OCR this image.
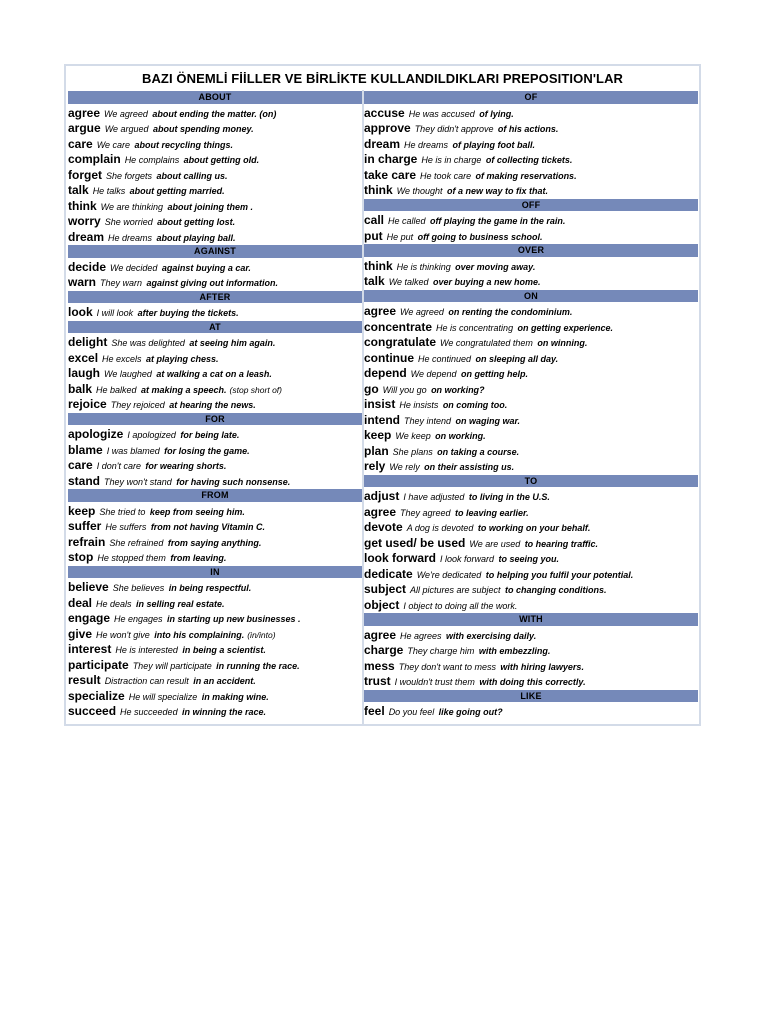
BAZI ÖNEMLİ FİİLLER VE BİRLİKTE KULLANDILDIKLARI PREPOSITION'LAR
ABOUT
agree We agreed about ending the matter. (on)
argue We argued about spending money.
care We care about recycling things.
complain He complains about getting old.
forget She forgets about calling us.
talk He talks about getting married.
think We are thinking about joining them .
worry She worried about getting lost.
dream He dreams about playing ball.
AGAINST
decide We decided against buying a car.
warn They warn against giving out information.
AFTER
look I will look after buying the tickets.
AT
delight She was delighted at seeing him again.
excel He excels at playing chess.
laugh We laughed at walking a cat on a leash.
balk He balked at making a speech. (stop short of)
rejoice They rejoiced at hearing the news.
FOR
apologize I apologized for being late.
blame I was blamed for losing the game.
care I don't care for wearing shorts.
stand They won't stand for having such nonsense.
FROM
keep She tried to keep from seeing him.
suffer He suffers from not having Vitamin C.
refrain She refrained from saying anything.
stop He stopped them from leaving.
IN
believe She believes in being respectful.
deal He deals in selling real estate.
engage He engages in starting up new businesses .
give He won't give into his complaining. (in/into)
interest He is interested in being a scientist.
participate They will participate in running the race.
result Distraction can result in an accident.
specialize He will specialize in making wine.
succeed He succeeded in winning the race.
OF
accuse He was accused of lying.
approve They didn't approve of his actions.
dream He dreams of playing foot ball.
in charge He is in charge of collecting tickets.
take care He took care of making reservations.
think We thought of a new way to fix that.
OFF
call He called off playing the game in the rain.
put He put off going to business school.
OVER
think He is thinking over moving away.
talk We talked over buying a new home.
ON
agree We agreed on renting the condominium.
concentrate He is concentrating on getting experience.
congratulate We congratulated them on winning.
continue He continued on sleeping all day.
depend We depend on getting help.
go Will you go on working?
insist He insists on coming too.
intend They intend on waging war.
keep We keep on working.
plan She plans on taking a course.
rely We rely on their assisting us.
TO
adjust I have adjusted to living in the U.S.
agree They agreed to leaving earlier.
devote A dog is devoted to working on your behalf.
get used/ be used We are used to hearing traffic.
look forward I look forward to seeing you.
dedicate We're dedicated to helping you fulfil your potential.
subject All pictures are subject to changing conditions.
object I object to doing all the work.
WITH
agree He agrees with exercising daily.
charge They charge him with embezzling.
mess They don't want to mess with hiring lawyers.
trust I wouldn't trust them with doing this correctly.
LIKE
feel Do you feel like going out?
